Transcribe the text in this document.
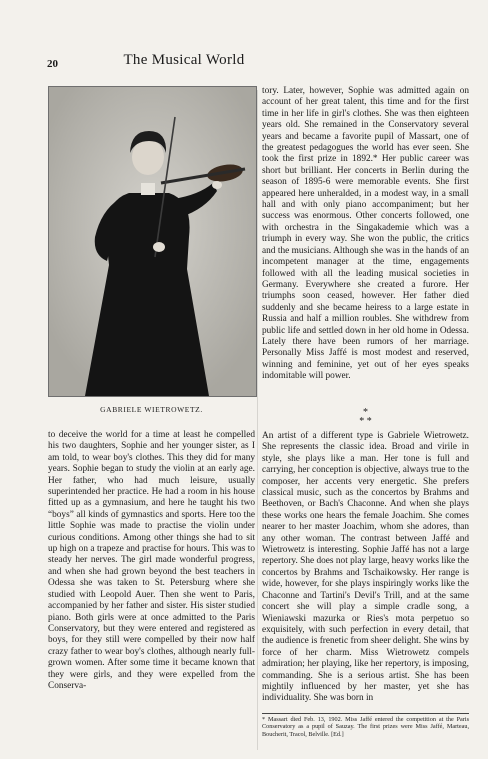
20	The Musical World
GABRIELE WIETROWETZ.

to deceive the world for a time at least he compelled his two daughters, Sophie and her younger sister, as I am told, to wear boy's clothes. This they did for many years. Sophie began to study the violin at an early age. Her father, who had much leisure, usually superintended her practice. He had a room in his house fitted up as a gymnasium, and here he taught his two “boys” all kinds of gymnastics and sports. Here too the little Sophie was made to practise the violin under curious conditions. Among other things she had to sit up high on a trapeze and practise for hours. This was to steady her nerves. The girl made wonderful progress, and when she had grown beyond the best teachers in Odessa she was taken to St. Petersburg where she studied with Leopold Auer. Then she went to Paris, accompanied by her father and sister. His sister studied piano. Both girls were at once admitted to the Paris Conservatory, but they were entered and registered as boys, for they still were compelled by their now half crazy father to wear boy's clothes, although nearly full-grown women. After some time it became known that they were girls, and they were expelled from the Conserva-

tory. Later, however, Sophie was admitted again on account of her great talent, this time and for the first time in her life in girl's clothes. She was then eighteen years old. She remained in the Conservatory several years and became a favorite pupil of Massart, one of the greatest pedagogues the world has ever seen. She took the first prize in 1892.* Her public career was short but brilliant. Her concerts in Berlin during the season of 1895-6 were memorable events. She first appeared here unheralded, in a modest way, in a small hall and with only piano accompaniment; but her success was enormous. Other concerts followed, one with orchestra in the Singakademie which was a triumph in every way. She won the public, the critics and the musicians. Although she was in the hands of an incompetent manager at the time, engagements followed with all the leading musical societies in Germany. Everywhere she created a furore. Her triumphs soon ceased, however. Her father died suddenly and she became heiress to a large estate in Russia and half a million roubles. She withdrew from public life and settled down in her old home in Odessa. Lately there have been rumors of her marriage. Personally Miss Jaffé is most modest and reserved, winning and feminine, yet out of her eyes speaks indomitable will power.

*
* *

An artist of a different type is Gabriele Wietrowetz. She represents the classic idea. Broad and virile in style, she plays like a man. Her tone is full and carrying, her conception is objective, always true to the composer, her accents very energetic. She prefers classical music, such as the concertos by Brahms and Beethoven, or Bach's Chaconne. And when she plays these works one hears the female Joachim. She comes nearer to her master Joachim, whom she adores, than any other woman. The contrast between Jaffé and Wietrowetz is interesting. Sophie Jaffé has not a large repertory. She does not play large, heavy works like the concertos by Brahms and Tschaikowsky. Her range is wide, however, for she plays inspiringly works like the Chaconne and Tartini's Devil's Trill, and at the same concert she will play a simple cradle song, a Wieniawski mazurka or Ries's mota perpetuo so exquisitely, with such perfection in every detail, that the audience is frenetic from sheer delight. She wins by force of her charm. Miss Wietrowetz compels admiration; her playing, like her repertory, is imposing, commanding. She is a serious artist. She has been mightily influenced by her master, yet she has individuality. She was born in

* Massart died Feb. 13, 1902. Miss Jaffé entered the competition at the Paris Conservatory as a pupil of Sauzay. The first prizes were Miss Jaffé, Marteau, Boucherit, Tracol, Belville. [Ed.]
